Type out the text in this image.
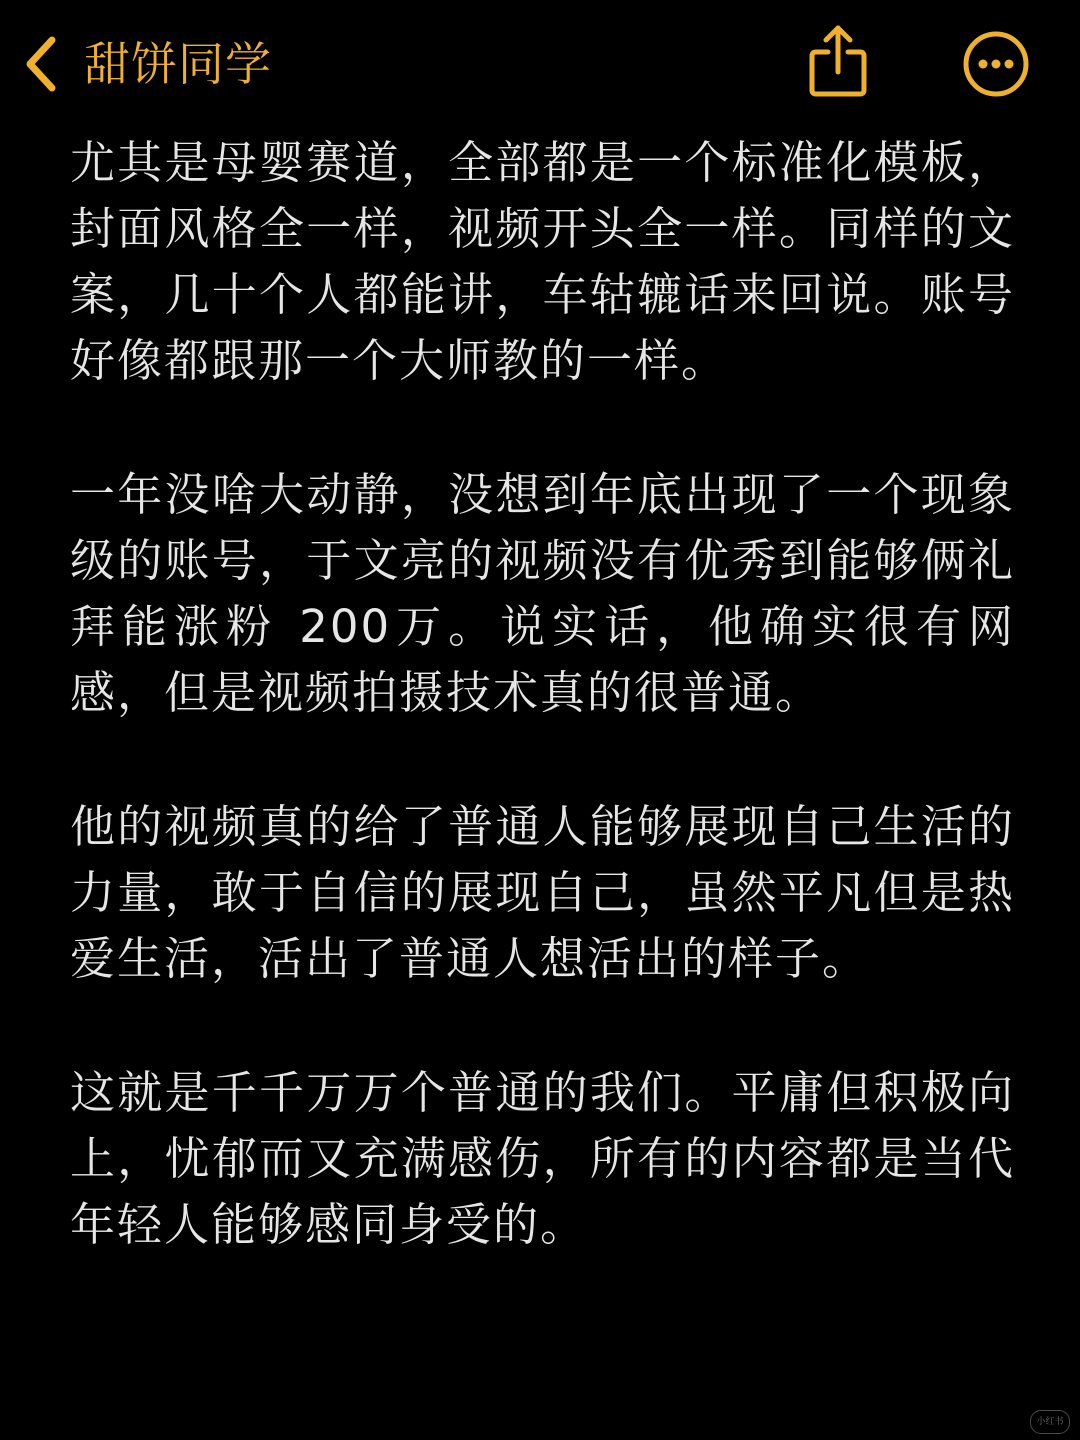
甜饼同学

尤其是母婴赛道，全部都是一个标准化模板，封面风格全一样，视频开头全一样。同样的文案，几十个人都能讲，车轱辘话来回说。账号好像都跟那一个大师教的一样。

一年没啥大动静，没想到年底出现了一个现象级的账号，于文亮的视频没有优秀到能够俩礼拜能涨粉 200万。说实话，他确实很有网感，但是视频拍摄技术真的很普通。

他的视频真的给了普通人能够展现自己生活的力量，敢于自信的展现自己，虽然平凡但是热爱生活，活出了普通人想活出的样子。

这就是千千万万个普通的我们。平庸但积极向上，忧郁而又充满感伤，所有的内容都是当代年轻人能够感同身受的。

小红书
